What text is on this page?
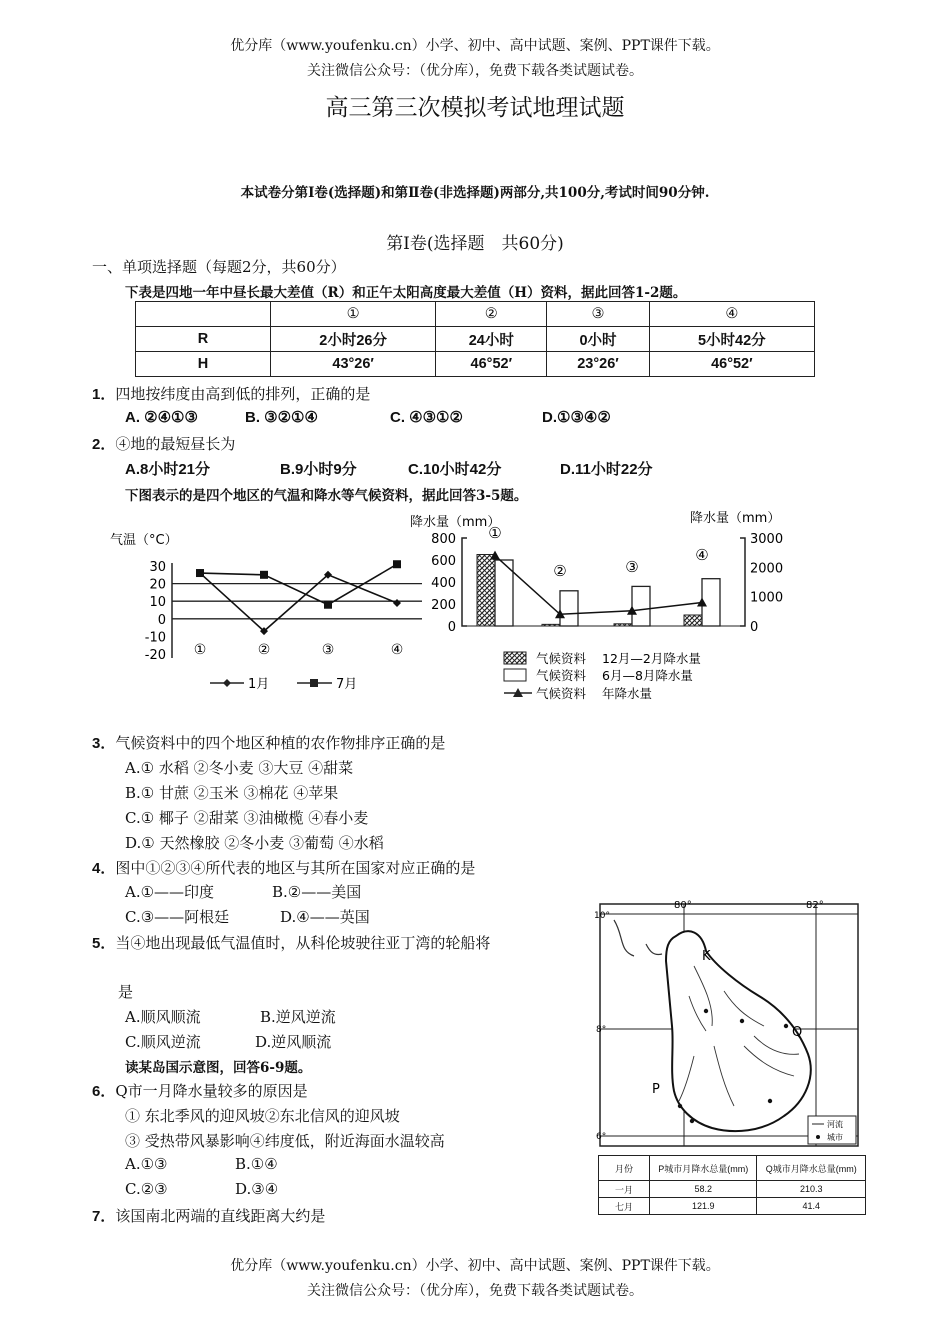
优分库（www.youfenku.cn）小学、初中、高中试题、案例、PPT课件下载。
关注微信公众号：（优分库），免费下载各类试题试卷。
高三第三次模拟考试地理试题
本试卷分第Ⅰ卷(选择题)和第Ⅱ卷(非选择题)两部分,共100分,考试时间90分钟.
第Ⅰ卷(选择题　共60分)
一、单项选择题（每题2分，共60分）
下表是四地一年中昼长最大差值（R）和正午太阳高度最大差值（H）资料，据此回答1-2题。
	①	②	③	④
R	2小时26分	24小时	0小时	5小时42分
H	43°26′	46°52′	23°26′	46°52′
1．四地按纬度由高到低的排列，正确的是
A. ②④①③	B. ③②①④	C. ④③①②	D.①③④②
2．④地的最短昼长为
A.8小时21分	B.9小时9分	C.10小时42分	D.11小时22分
下图表示的是四个地区的气温和降水等气候资料，据此回答3-5题。
气温（°C）
30
20
10
0
-10
-20 ①	②	③	④
1月	7月
降水量（mm）	降水量（mm）
800
600
400
200
0
3000
2000
1000
0
①
②	③
④
气候资料 12月—2月降水量
气候资料 6月—8月降水量
气候资料 年降水量
3．气候资料中的四个地区种植的农作物排序正确的是
A.① 水稻 ②冬小麦 ③大豆 ④甜菜
B.① 甘蔗 ②玉米 ③棉花 ④苹果
C.① 椰子 ②甜菜 ③油橄榄 ④春小麦
D.① 天然橡胶 ②冬小麦 ③葡萄 ④水稻
4．图中①②③④所代表的地区与其所在国家对应正确的是
A.①——印度	B.②——美国
C.③——阿根廷	D.④——英国
5．当④地出现最低气温值时，从科伦坡驶往亚丁湾的轮船将
是
A.顺风顺流	B.逆风逆流
C.顺风逆流	D.逆风顺流
读某岛国示意图，回答6-9题。
6．Q市一月降水量较多的原因是
① 东北季风的迎风坡②东北信风的迎风坡
③ 受热带风暴影响④纬度低，附近海面水温较高
A.①③	B.①④
C.②③	D.③④
7．该国南北两端的直线距离大约是
80°	82°
10°
8°
6°
K
Q
P
河流
城市
月份	P城市月降水总量(mm)	Q城市月降水总量(mm)
一月	58.2	210.3
七月	121.9	41.4
优分库（www.youfenku.cn）小学、初中、高中试题、案例、PPT课件下载。
关注微信公众号：（优分库），免费下载各类试题试卷。
